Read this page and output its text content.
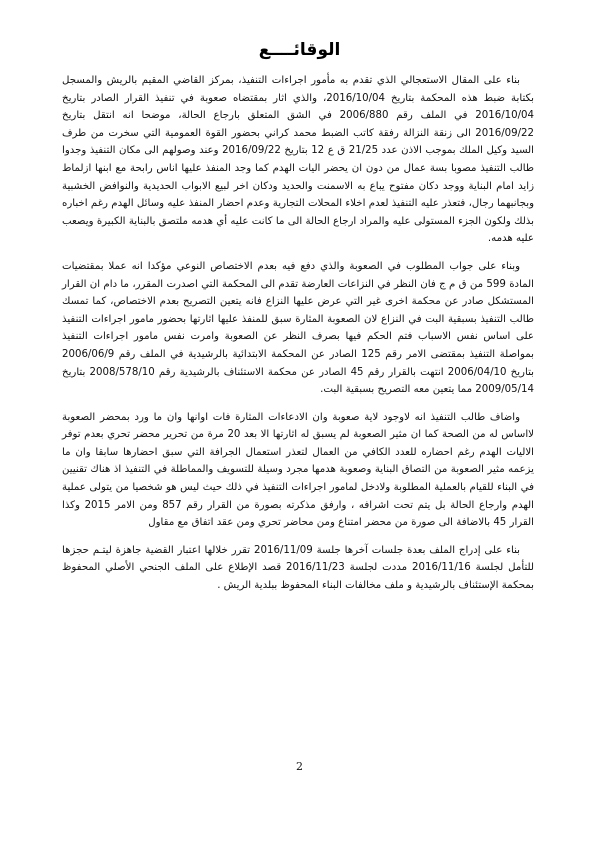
الوقائــــع

بناء على المقال الاستعجالي الذي تقدم به مأمور اجراءات التنفيذ، بمركز القاضي المقيم بالريش والمسجل بكتابة ضبط هذه المحكمة بتاريخ 2016/10/04، والذي اثار بمقتضاه صعوبة في تنفيذ القرار الصادر بتاريخ 2016/10/04 في الملف رقم 2006/880 في الشق المتعلق بارجاع الحالة، موضحا انه انتقل بتاريخ 2016/09/22 الى زنقة النزالة رفقة كاتب الضبط محمد كراني بحضور القوة العمومية التي سخرت من طرف السيد وكيل الملك بموجب الاذن عدد 21/25 ق ع 12 بتاريخ 2016/09/22 وعند وصولهم الى مكان التنفيذ وجدوا طالب التنفيذ مصوبا بسة عمال من دون ان يحضر اليات الهدم كما وجد المنفذ عليها اناس رابحة مع ابنها ازلماط زايد امام البناية ووجد دكان مفتوح يباع به الاسمنت والحديد ودكان اخر لبيع الابواب الحديدية والنوافض الخشبية وبجانبهما رجال، فتعذر عليه التنفيذ لعدم اخلاء المحلات التجارية وعدم احضار المنفذ عليه وسائل الهدم رغم اخباره بذلك ولكون الجزء المستولى عليه والمراد ارجاع الحالة الى ما كانت عليه أي هدمه ملتصق بالبناية الكبيرة ويصعب عليه هدمه.

وبناء على جواب المطلوب في الصعوبة والذي دفع فيه بعدم الاختصاص النوعي مؤكدا انه عملا بمقتضيات المادة 599 من ق م ج فان النظر في النزاعات العارضة تقدم الى المحكمة التي اصدرت المقرر، ما دام ان القرار المستشكل صادر عن محكمة اخرى غير التي عرض عليها النزاع فانه يتعين التصريح بعدم الاختصاص، كما تمسك طالب التنفيذ بسبقية البت في النزاع لان الصعوبة المثارة سبق للمنفذ عليها اثارتها بحضور مامور اجراءات التنفيذ على اساس نفس الاسباب فتم الحكم فيها بصرف النظر عن الصعوبة وامرت نفس مامور اجراءات التنفيذ بمواصلة التنفيذ بمقتضى الامر رقم 125 الصادر عن المحكمة الابتدائية بالرشيدية في الملف رقم 2006/06/9 بتاريخ 2006/04/10 انتهت بالقرار رقم 45 الصادر عن محكمة الاستئناف بالرشيدية رقم 2008/578/10 بتاريخ 2009/05/14 مما يتعين معه التصريح بسبقية البت.

واضاف طالب التنفيذ انه لاوجود لاية صعوبة وان الادعاءات المثارة فات اوانها وان ما ورد بمحضر الصعوبة لااساس له من الصحة كما ان مثير الصعوبة لم يسبق له اثارتها الا بعد 20 مرة من تحرير محضر تحري بعدم توفر الاليات الهدم رغم احضاره للعدد الكافي من العمال لتعذر استعمال الجرافة التي سبق احضارها سابقا وان ما يزعمه مثير الصعوبة من التصاق البناية وصعوبة هدمها مجرد وسيلة للتسويف والمماطلة في التنفيذ اذ هناك تقنيين في البناء للقيام بالعملية المطلوبة ولادخل لمامور اجراءات التنفيذ في ذلك حيث ليس هو شخصيا من يتولى عملية الهدم وارجاع الحالة بل يتم تحت اشرافه ، وارفق مذكرته بصورة من القرار رقم 857 ومن الامر 2015 وكذا القرار 45 بالاضافة الى صورة من محضر امتناع ومن محاضر تحري ومن عقد اتفاق مع مقاول

بناء على إدراج الملف بعدة جلسات آخرها جلسة 2016/11/09 تقرر خلالها اعتبار القضية جاهزة ليتـم حجزها للتأمل لجلسة 2016/11/16 مددت لجلسة 2016/11/23 قصد الإطلاع على الملف الجنحي الأصلي المحفوظ بمحكمة الإستئناف بالرشيدية و ملف مخالفات البناء المحفوظ ببلدية الريش .

2
